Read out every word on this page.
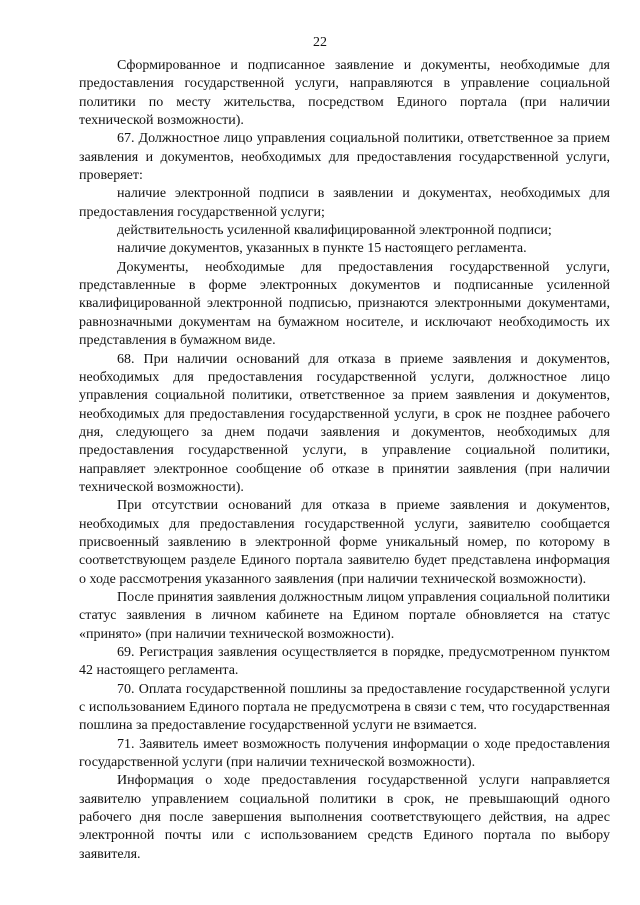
22

Сформированное и подписанное заявление и документы, необходимые для предоставления государственной услуги, направляются в управление социальной политики по месту жительства, посредством Единого портала (при наличии технической возможности).

67. Должностное лицо управления социальной политики, ответственное за прием заявления и документов, необходимых для предоставления государственной услуги, проверяет:

наличие электронной подписи в заявлении и документах, необходимых для предоставления государственной услуги;

действительность усиленной квалифицированной электронной подписи;

наличие документов, указанных в пункте 15 настоящего регламента.

Документы, необходимые для предоставления государственной услуги, представленные в форме электронных документов и подписанные усиленной квалифицированной электронной подписью, признаются электронными документами, равнозначными документам на бумажном носителе, и исключают необходимость их представления в бумажном виде.

68. При наличии оснований для отказа в приеме заявления и документов, необходимых для предоставления государственной услуги, должностное лицо управления социальной политики, ответственное за прием заявления и документов, необходимых для предоставления государственной услуги, в срок не позднее рабочего дня, следующего за днем подачи заявления и документов, необходимых для предоставления государственной услуги, в управление социальной политики, направляет электронное сообщение об отказе в принятии заявления (при наличии технической возможности).

При отсутствии оснований для отказа в приеме заявления и документов, необходимых для предоставления государственной услуги, заявителю сообщается присвоенный заявлению в электронной форме уникальный номер, по которому в соответствующем разделе Единого портала заявителю будет представлена информация о ходе рассмотрения указанного заявления (при наличии технической возможности).

После принятия заявления должностным лицом управления социальной политики статус заявления в личном кабинете на Едином портале обновляется на статус «принято» (при наличии технической возможности).

69. Регистрация заявления осуществляется в порядке, предусмотренном пунктом 42 настоящего регламента.

70. Оплата государственной пошлины за предоставление государственной услуги с использованием Единого портала не предусмотрена в связи с тем, что государственная пошлина за предоставление государственной услуги не взимается.

71. Заявитель имеет возможность получения информации о ходе предоставления государственной услуги (при наличии технической возможности).

Информация о ходе предоставления государственной услуги направляется заявителю управлением социальной политики в срок, не превышающий одного рабочего дня после завершения выполнения соответствующего действия, на адрес электронной почты или с использованием средств Единого портала по выбору заявителя.
